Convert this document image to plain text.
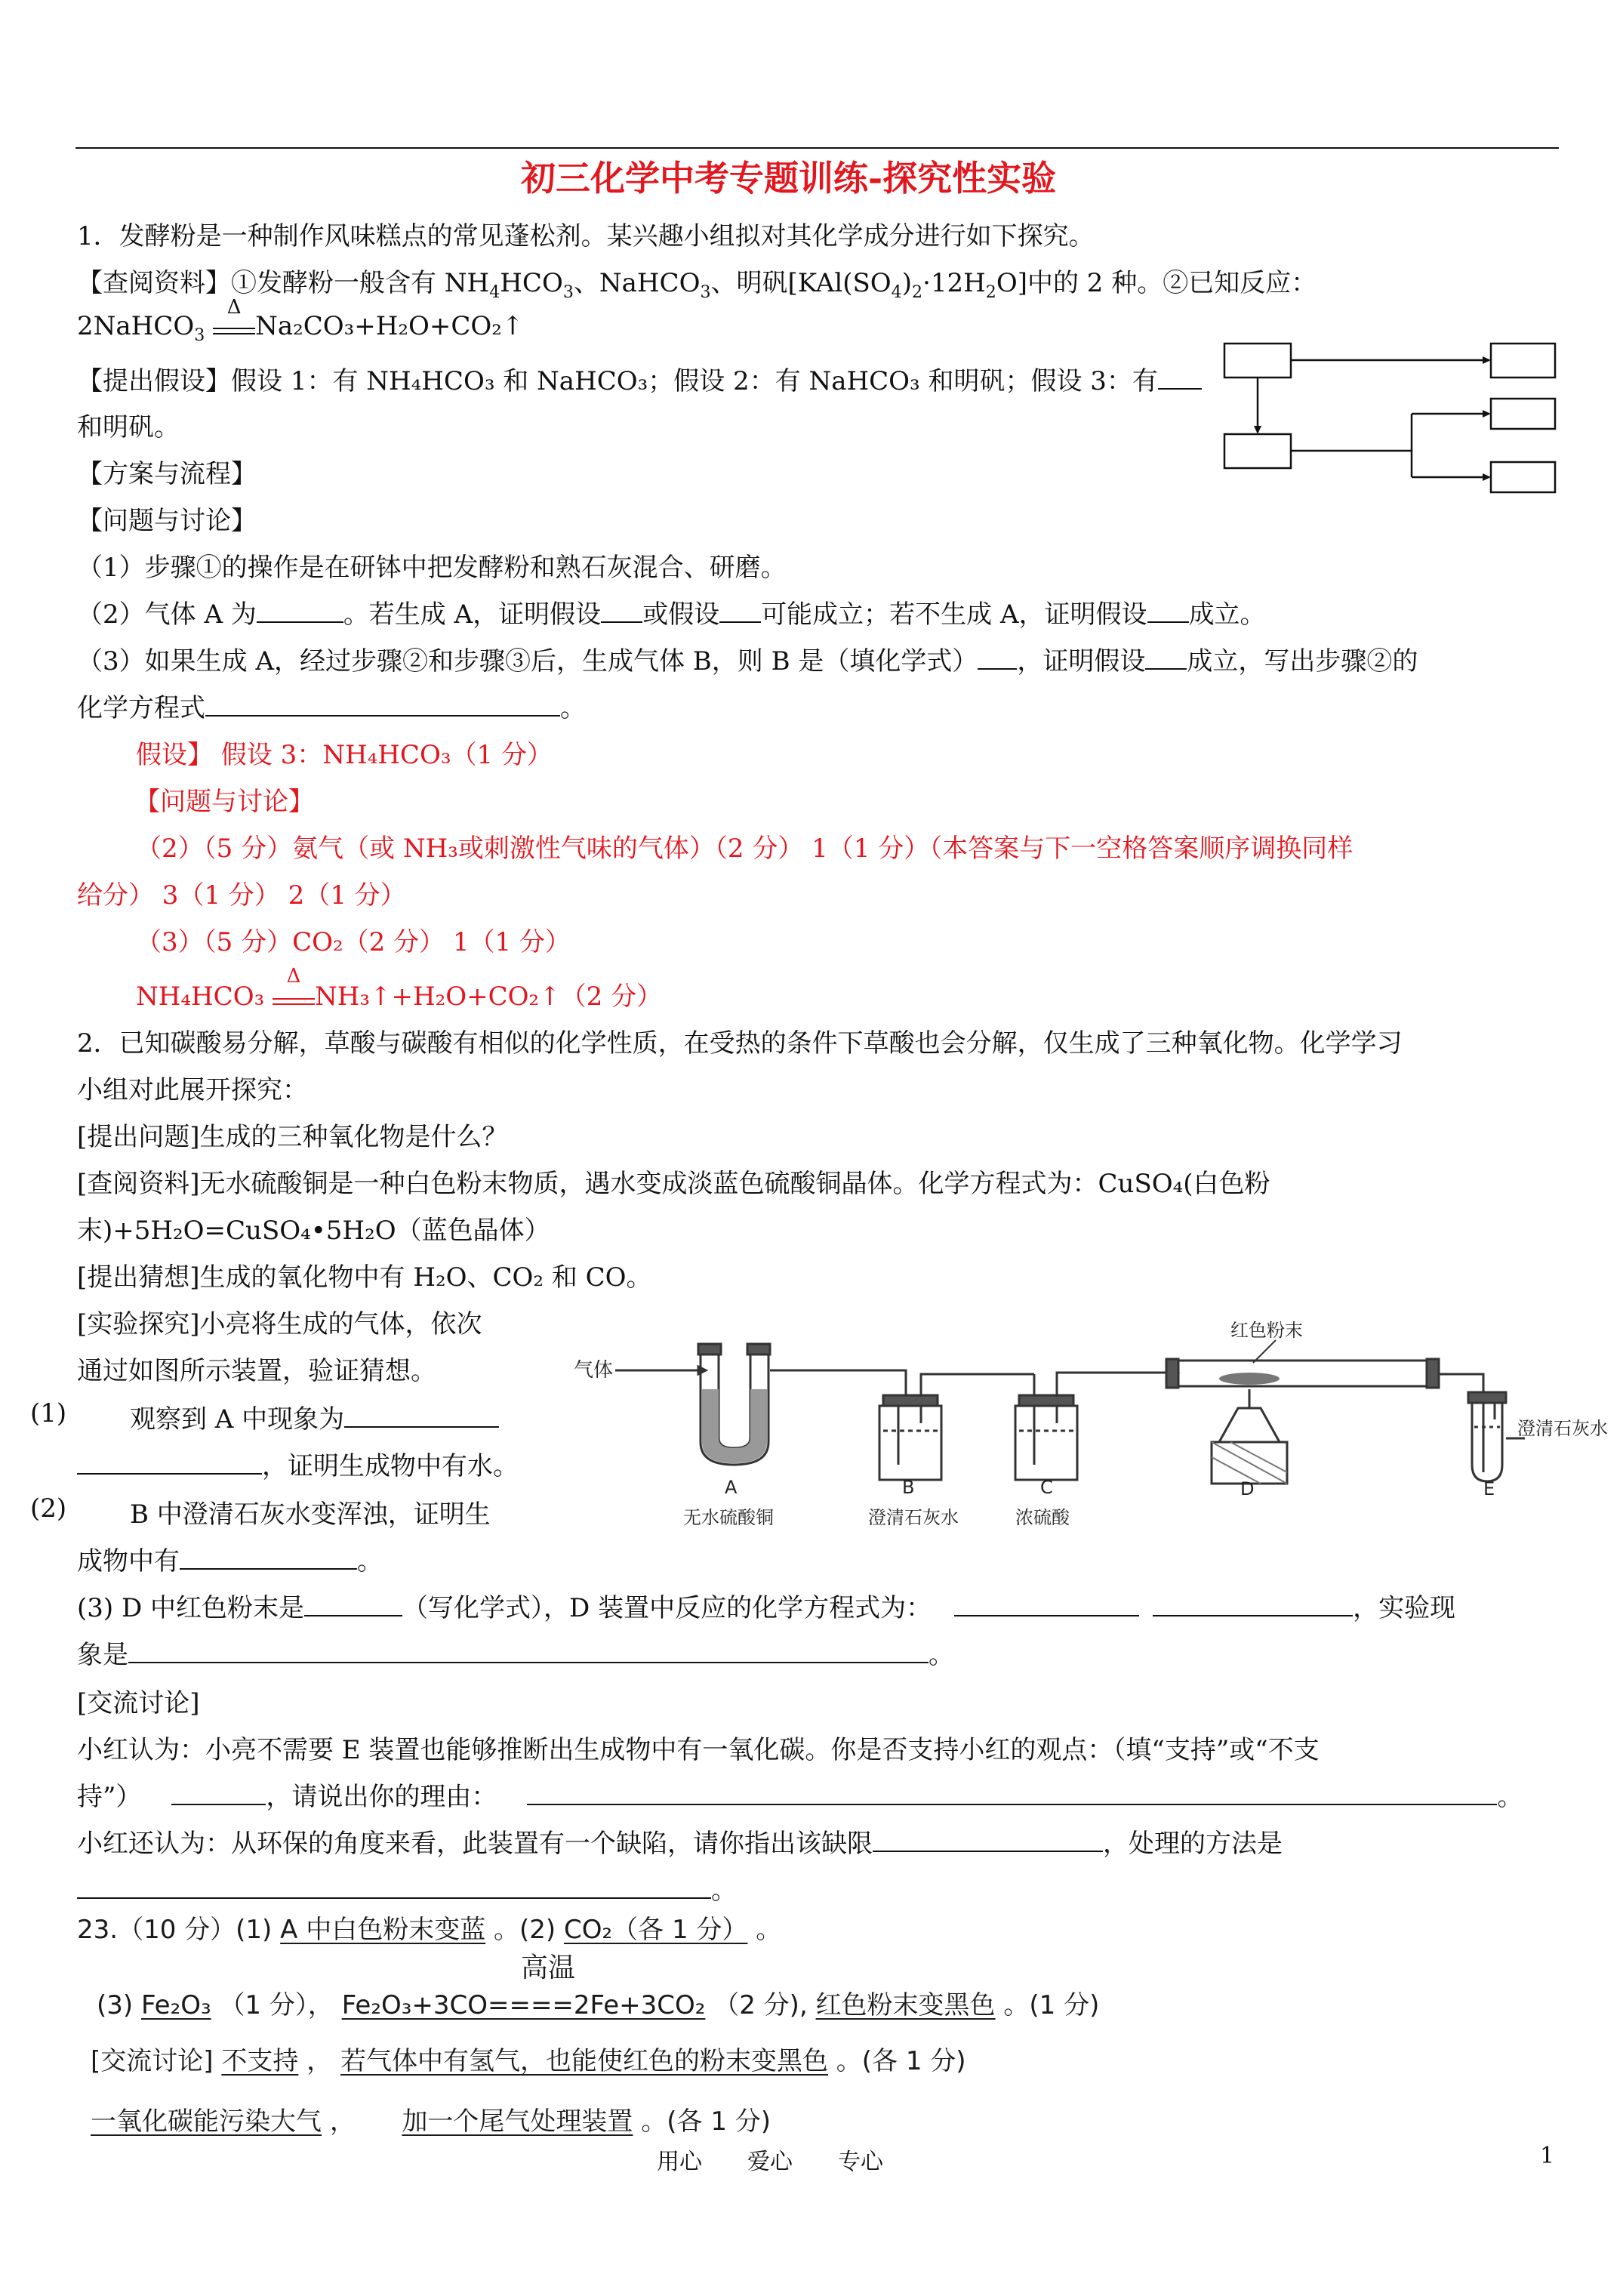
初三化学中考专题训练-探究性实验
1．发酵粉是一种制作风味糕点的常见蓬松剂。某兴趣小组拟对其化学成分进行如下探究。
【查阅资料】①发酵粉一般含有 $NH_4HCO_3$、NaHCO$_3$、明矾$[KAl(SO_4)_2\cdot 12H_2O]$中的 2 种。②已知反应：
2NaHCO$_3$
Δ
Na₂CO₃+H₂O+CO₂↑
【提出假设】假设 1：有 NH₄HCO₃ 和 NaHCO₃；假设 2：有 NaHCO₃ 和明矾；假设 3：有
和明矾。
【方案与流程】
【问题与讨论】
（1）步骤①的操作是在研钵中把发酵粉和熟石灰混合、研磨。
（2）气体 A 为	。若生成 A，证明假设 或假设 可能成立；若不生成 A，证明假设 成立。
（3）如果生成 A，经过步骤②和步骤③后，生成气体 B，则 B 是（填化学式） ，证明假设 成立，写出步骤②的
化学方程式	。
假设】 假设 3：NH₄HCO₃（1 分）
【问题与讨论】
（2）（5 分）氨气（或 NH₃或刺激性气味的气体）（2 分） 1（1 分）（本答案与下一空格答案顺序调换同样
给分） 3（1 分） 2（1 分）
（3）（5 分）CO₂（2 分） 1（1 分）
NH₄HCO₃
Δ
NH₃↑+H₂O+CO₂↑（2 分）
2．已知碳酸易分解，草酸与碳酸有相似的化学性质，在受热的条件下草酸也会分解，仅生成了三种氧化物。化学学习
小组对此展开探究：
[提出问题]生成的三种氧化物是什么？
[查阅资料]无水硫酸铜是一种白色粉末物质，遇水变成淡蓝色硫酸铜晶体。化学方程式为：CuSO₄(白色粉
末)+5H₂O=CuSO₄•5H₂O（蓝色晶体）
[提出猜想]生成的氧化物中有 H₂O、CO₂ 和 CO。
[实验探究]小亮将生成的气体，依次
通过如图所示装置，验证猜想。
(1) 观察到 A 中现象为
，证明生成物中有水。
(2) B 中澄清石灰水变浑浊，证明生
成物中有	。
(3) D 中红色粉末是	（写化学式），D 装置中反应的化学方程式为：	，实验现
象是	。
[交流讨论]
小红认为：小亮不需要 E 装置也能够推断出生成物中有一氧化碳。你是否支持小红的观点：（填“支持”或“不支
持”）	，请说出你的理由：	。
小红还认为：从环保的角度来看，此装置有一个缺陷，请你指出该缺限	，处理的方法是
。
气体
红色粉末
澄清石灰水
A	B	C	D	E
无水硫酸铜	澄清石灰水	浓硫酸
23.（10 分）(1) A 中白色粉末变蓝 。(2) CO₂（各 1 分） 。
高温
(3) Fe₂O₃ （1 分）， Fe₂O₃+3CO====2Fe+3CO₂ （2 分), 红色粉末变黑色 。(1 分)
[交流讨论] 不支持 ， 若气体中有氢气，也能使红色的粉末变黑色 。(各 1 分)
一氧化碳能污染大气 ， 加一个尾气处理装置 。(各 1 分)
用心　　爱心　　专心	1
